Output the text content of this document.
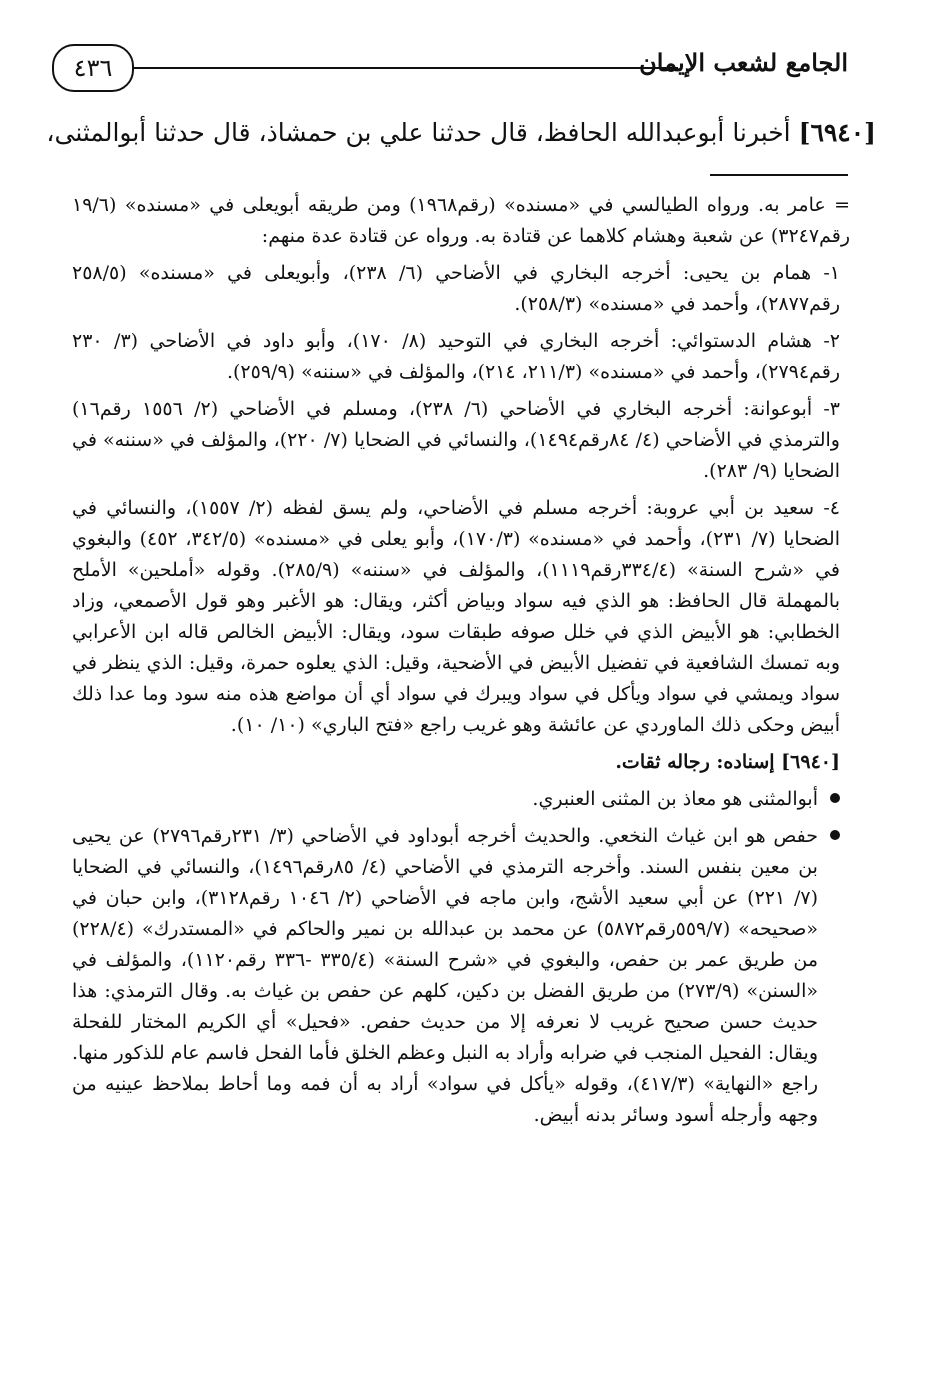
٤٣٦	الجامع لشعب الإيمان
[٦٩٤٠] أخبرنا أبوعبدالله الحافظ، قال حدثنا علي بن حمشاذ، قال حدثنا أبوالمثنى،

= عامر به. ورواه الطيالسي في «مسنده» (رقم١٩٦٨) ومن طريقه أبويعلى في «مسنده» (١٩/٦ رقم٣٢٤٧) عن شعبة وهشام كلاهما عن قتادة به. ورواه عن قتادة عدة منهم:

١- همام بن يحيى: أخرجه البخاري في الأضاحي (٦/ ٢٣٨)، وأبويعلى في «مسنده» (٢٥٨/٥ رقم٢٨٧٧)، وأحمد في «مسنده» (٢٥٨/٣).

٢- هشام الدستوائي: أخرجه البخاري في التوحيد (٨/ ١٧٠)، وأبو داود في الأضاحي (٣/ ٢٣٠ رقم٢٧٩٤)، وأحمد في «مسنده» (٢١١/٣، ٢١٤)، والمؤلف في «سننه» (٢٥٩/٩).

٣- أبوعوانة: أخرجه البخاري في الأضاحي (٦/ ٢٣٨)، ومسلم في الأضاحي (٢/ ١٥٥٦ رقم١٦) والترمذي في الأضاحي (٤/ ٨٤رقم١٤٩٤)، والنسائي في الضحايا (٧/ ٢٢٠)، والمؤلف في «سننه» في الضحايا (٩/ ٢٨٣).

٤- سعيد بن أبي عروبة: أخرجه مسلم في الأضاحي، ولم يسق لفظه (٢/ ١٥٥٧)، والنسائي في الضحايا (٧/ ٢٣١)، وأحمد في «مسنده» (١٧٠/٣)، وأبو يعلى في «مسنده» (٣٤٢/٥، ٤٥٢) والبغوي في «شرح السنة» (٣٣٤/٤رقم١١١٩)، والمؤلف في «سننه» (٢٨٥/٩). وقوله «أملحين» الأملح بالمهملة قال الحافظ: هو الذي فيه سواد وبياض أكثر، ويقال: هو الأغبر وهو قول الأصمعي، وزاد الخطابي: هو الأبيض الذي في خلل صوفه طبقات سود، ويقال: الأبيض الخالص قاله ابن الأعرابي وبه تمسك الشافعية في تفضيل الأبيض في الأضحية، وقيل: الذي يعلوه حمرة، وقيل: الذي ينظر في سواد ويمشي في سواد ويأكل في سواد ويبرك في سواد أي أن مواضع هذه منه سود وما عدا ذلك أبيض وحكى ذلك الماوردي عن عائشة وهو غريب راجع «فتح الباري» (١٠/ ١٠).

[٦٩٤٠] إسناده: رجاله ثقات.

أبوالمثنى هو معاذ بن المثنى العنبري.

حفص هو ابن غياث النخعي. والحديث أخرجه أبوداود في الأضاحي (٣/ ٢٣١رقم٢٧٩٦) عن يحيى بن معين بنفس السند. وأخرجه الترمذي في الأضاحي (٤/ ٨٥رقم١٤٩٦)، والنسائي في الضحايا (٧/ ٢٢١) عن أبي سعيد الأشج، وابن ماجه في الأضاحي (٢/ ١٠٤٦ رقم٣١٢٨)، وابن حبان في «صحيحه» (٥٥٩/٧رقم٥٨٧٢) عن محمد بن عبدالله بن نمير والحاكم في «المستدرك» (٢٢٨/٤) من طريق عمر بن حفص، والبغوي في «شرح السنة» (٣٣٥/٤ -٣٣٦ رقم١١٢٠)، والمؤلف في «السنن» (٢٧٣/٩) من طريق الفضل بن دكين، كلهم عن حفص بن غياث به. وقال الترمذي: هذا حديث حسن صحيح غريب لا نعرفه إلا من حديث حفص. «فحيل» أي الكريم المختار للفحلة ويقال: الفحيل المنجب في ضرابه وأراد به النبل وعظم الخلق فأما الفحل فاسم عام للذكور منها. راجع «النهاية» (٤١٧/٣)، وقوله «يأكل في سواد» أراد به أن فمه وما أحاط بملاحظ عينيه من وجهه وأرجله أسود وسائر بدنه أبيض.
